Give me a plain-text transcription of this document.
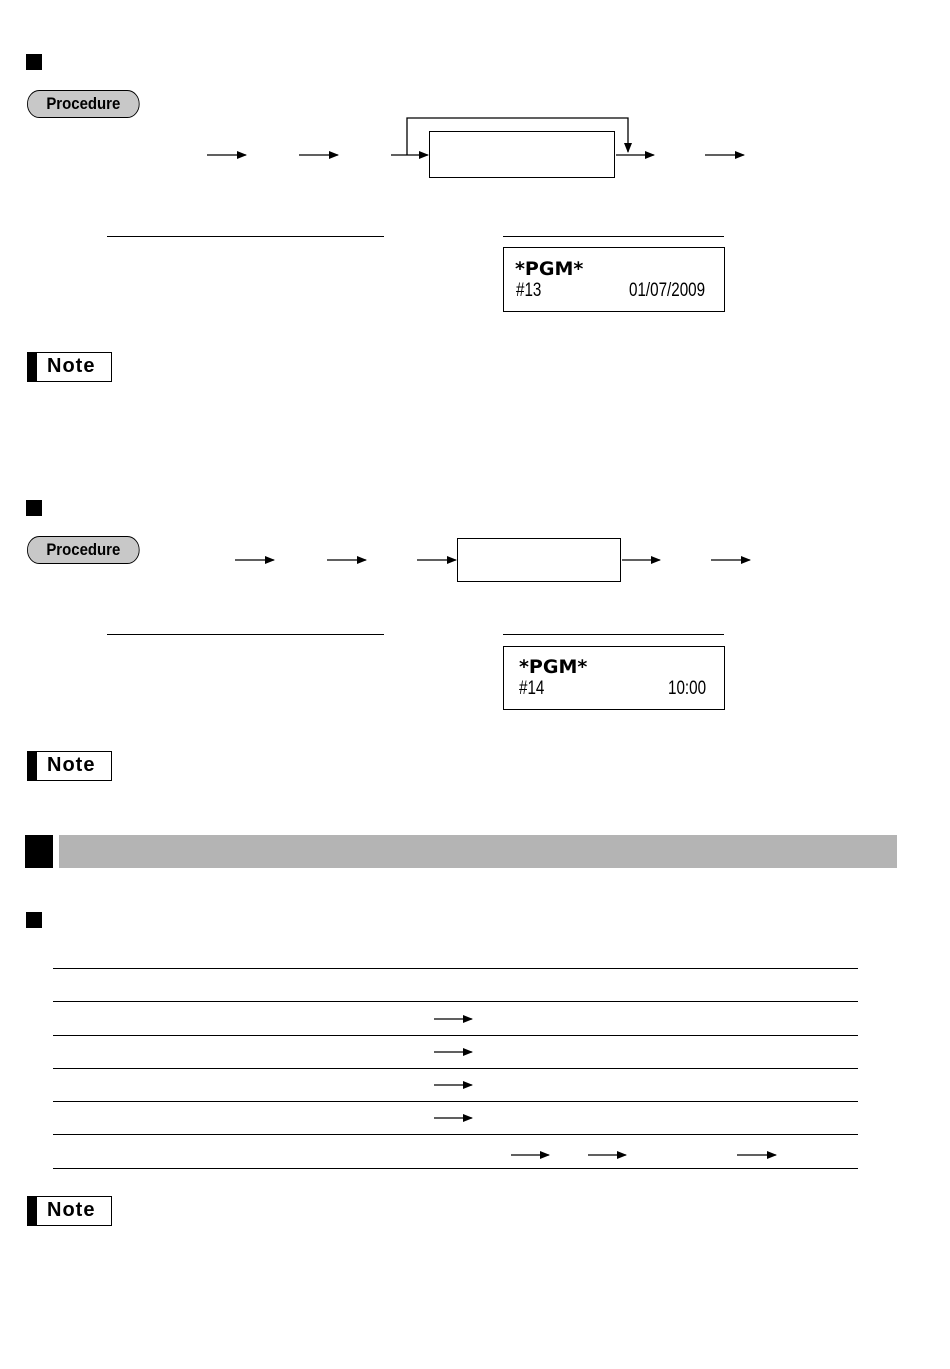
Procedure
*PGM*
#13	01/07/2009
Note
Procedure
*PGM*
#14	10:00
Note
Note
